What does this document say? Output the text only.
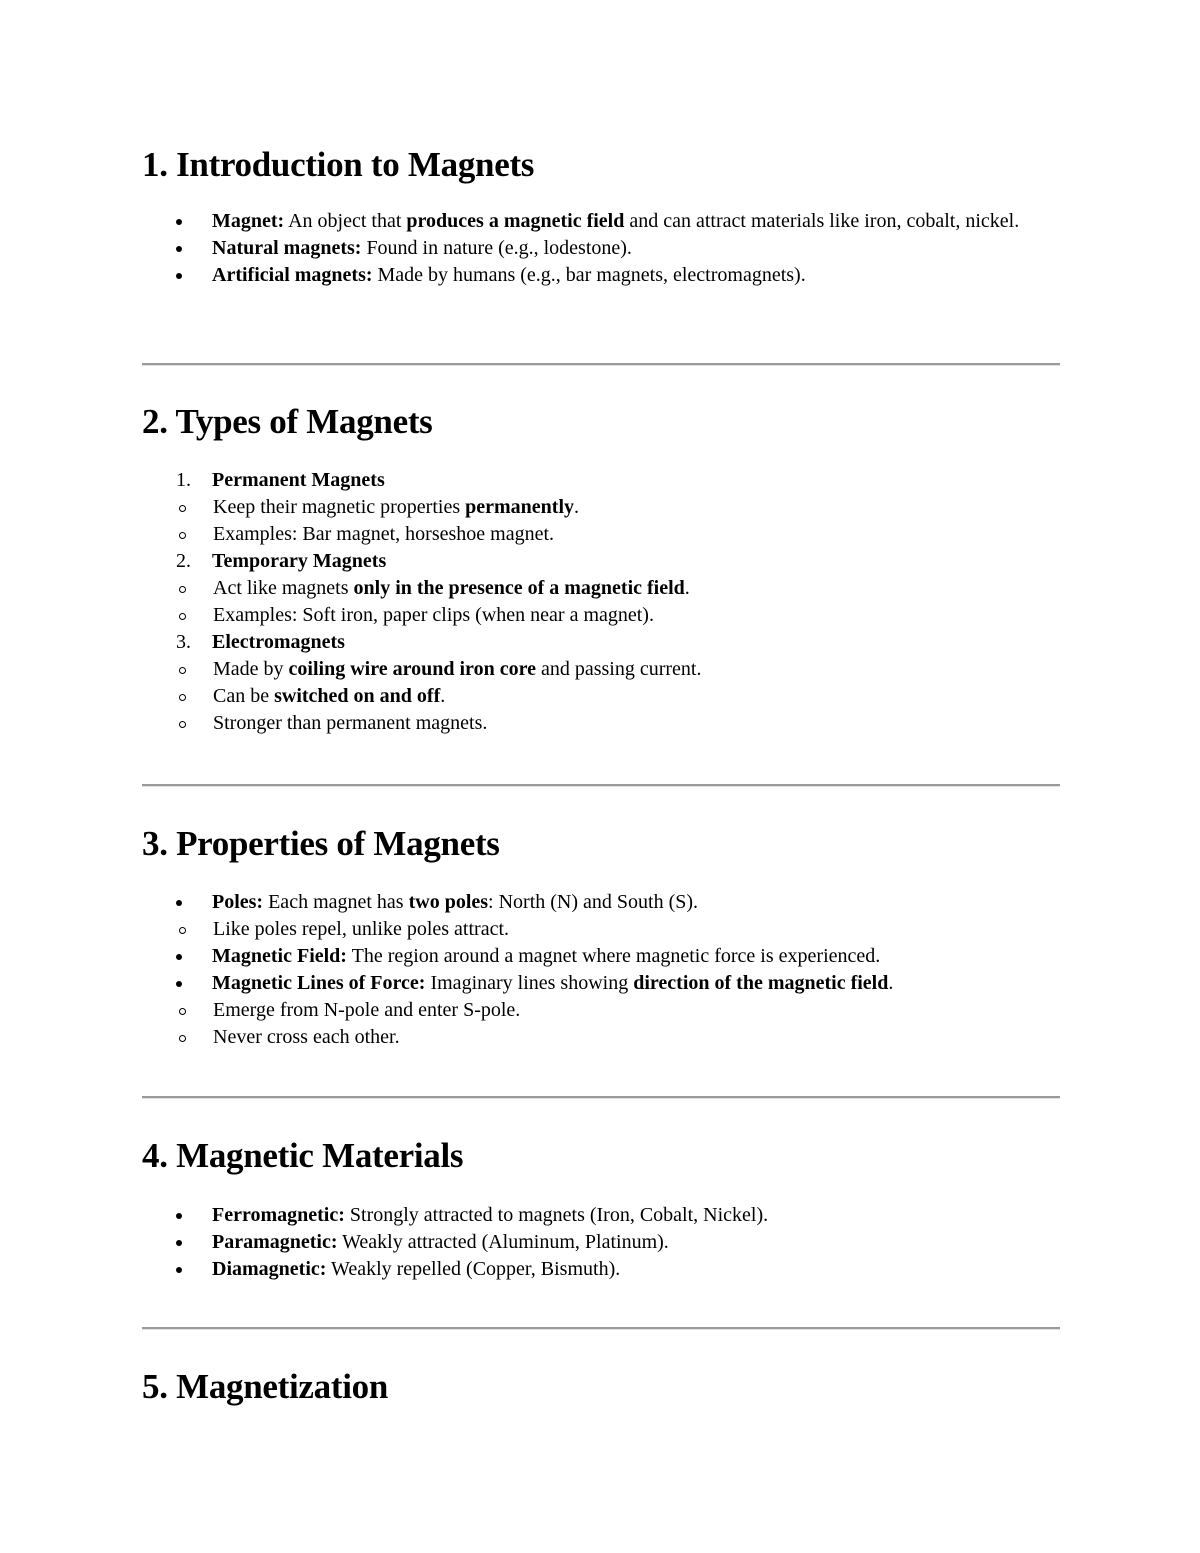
1. Introduction to Magnets
Magnet: An object that produces a magnetic field and can attract materials like iron, cobalt, nickel.
Natural magnets: Found in nature (e.g., lodestone).
Artificial magnets: Made by humans (e.g., bar magnets, electromagnets).
2. Types of Magnets
1. Permanent Magnets
Keep their magnetic properties permanently.
Examples: Bar magnet, horseshoe magnet.
2. Temporary Magnets
Act like magnets only in the presence of a magnetic field.
Examples: Soft iron, paper clips (when near a magnet).
3. Electromagnets
Made by coiling wire around iron core and passing current.
Can be switched on and off.
Stronger than permanent magnets.
3. Properties of Magnets
Poles: Each magnet has two poles: North (N) and South (S).
Like poles repel, unlike poles attract.
Magnetic Field: The region around a magnet where magnetic force is experienced.
Magnetic Lines of Force: Imaginary lines showing direction of the magnetic field.
Emerge from N-pole and enter S-pole.
Never cross each other.
4. Magnetic Materials
Ferromagnetic: Strongly attracted to magnets (Iron, Cobalt, Nickel).
Paramagnetic: Weakly attracted (Aluminum, Platinum).
Diamagnetic: Weakly repelled (Copper, Bismuth).
5. Magnetization
